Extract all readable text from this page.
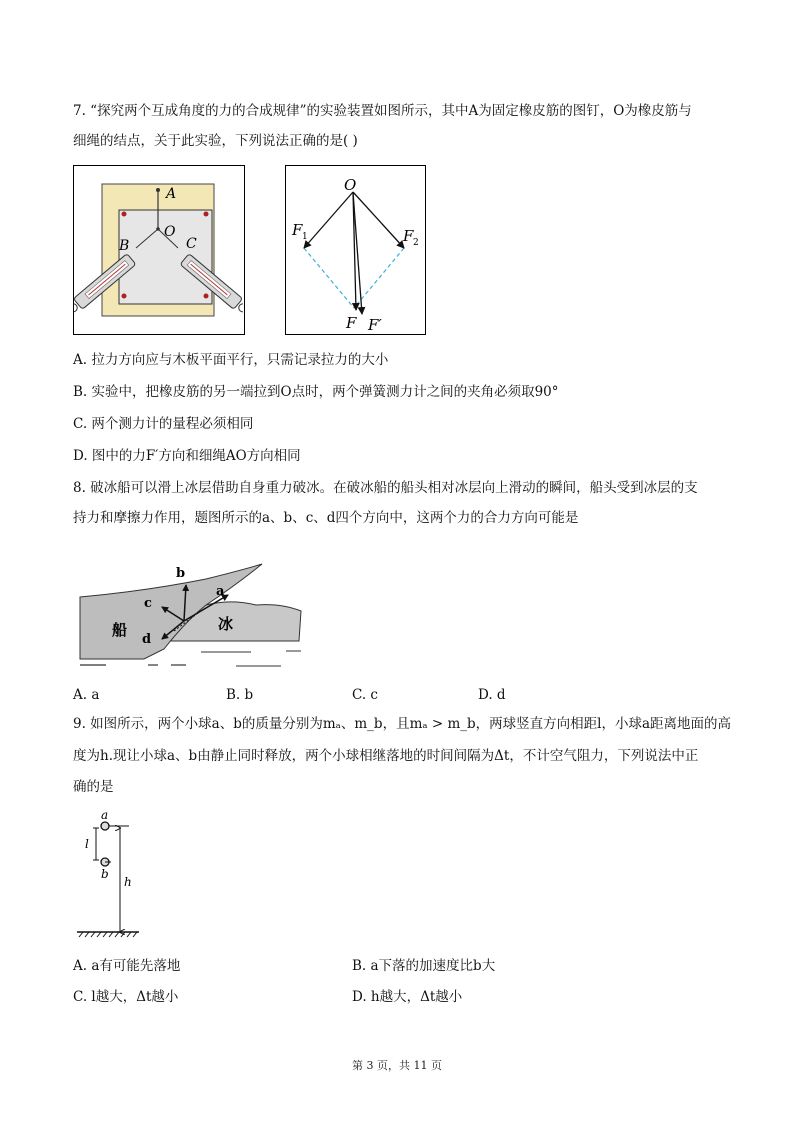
7. “探究两个互成角度的力的合成规律”的实验装置如图所示，其中A为固定橡皮筋的图钉，O为橡皮筋与
细绳的结点，关于此实验，下列说法正确的是( )
A
O
B	C
O
F 1	F 2
F F′
A. 拉力方向应与木板平面平行，只需记录拉力的大小
B. 实验中，把橡皮筋的另一端拉到O点时，两个弹簧测力计之间的夹角必须取90°
C. 两个测力计的量程必须相同
D. 图中的力F′方向和细绳AO方向相同
8. 破冰船可以滑上冰层借助自身重力破冰。在破冰船的船头相对冰层向上滑动的瞬间，船头受到冰层的支
持力和摩擦力作用，题图所示的a、b、c、d四个方向中，这两个力的合力方向可能是
b
a
c
d
船	冰
A. a	B. b	C. c	D. d
9. 如图所示，两个小球a、b的质量分别为mₐ、m_b，且mₐ > m_b，两球竖直方向相距l，小球a距离地面的高
度为h.现让小球a、b由静止同时释放，两个小球相继落地的时间间隔为Δt，不计空气阻力，下列说法中正
确的是
a
l
b
h
A. a有可能先落地	B. a下落的加速度比b大
C. l越大，Δt越小	D. h越大，Δt越小
第 3 页，共 11 页
